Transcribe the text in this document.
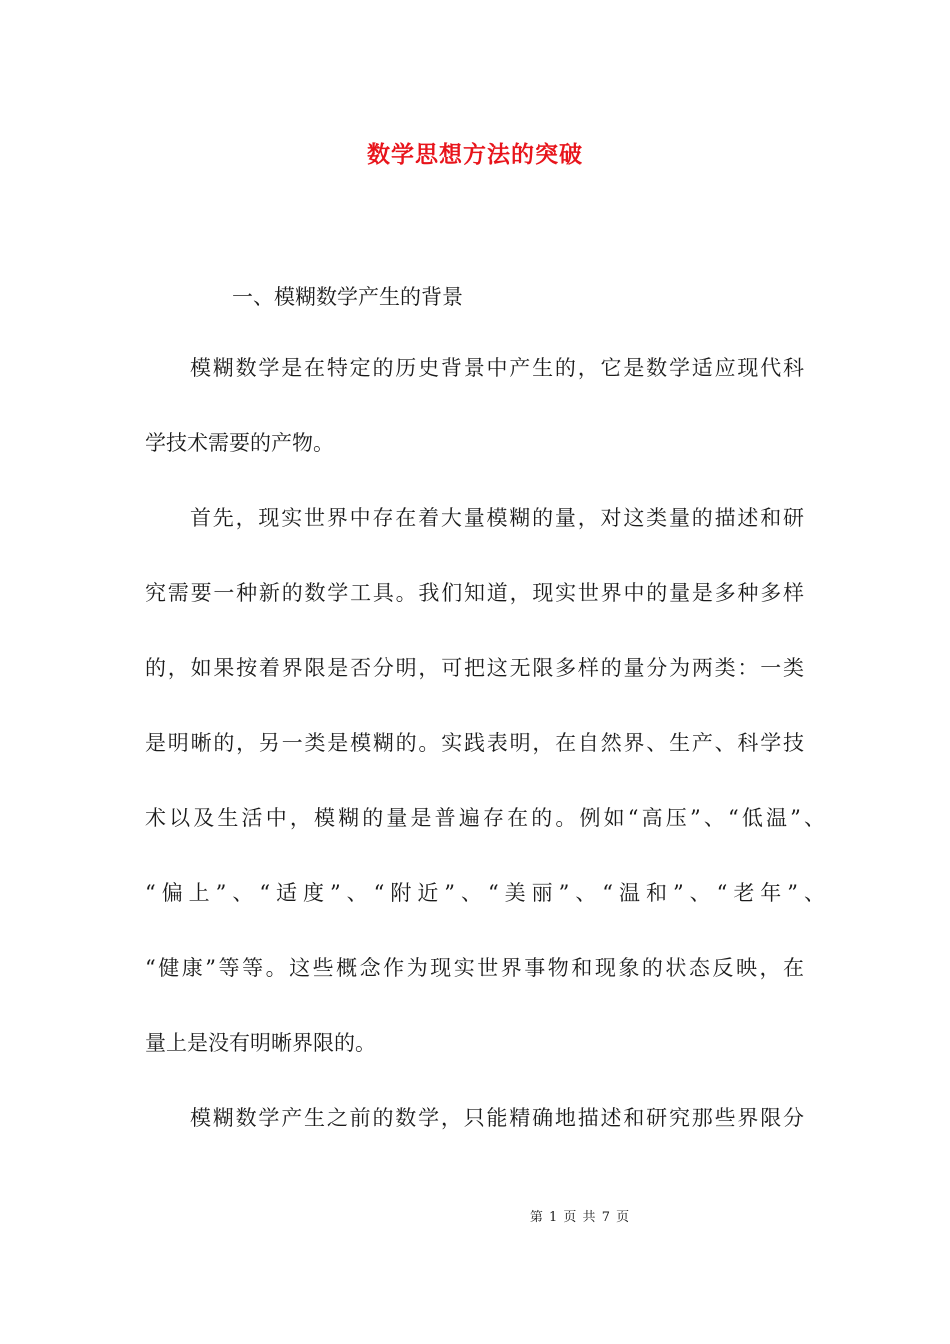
数学思想方法的突破
一、模糊数学产生的背景
模糊数学是在特定的历史背景中产生的，它是数学适应现代科
学技术需要的产物。
首先，现实世界中存在着大量模糊的量，对这类量的描述和研
究需要一种新的数学工具。我们知道，现实世界中的量是多种多样
的，如果按着界限是否分明，可把这无限多样的量分为两类：一类
是明晰的，另一类是模糊的。实践表明，在自然界、生产、科学技
术以及生活中，模糊的量是普遍存在的。例如“高压”、“低温”、
“偏上”、“适度”、“附近”、“美丽”、“温和”、“老年”、
“健康”等等。这些概念作为现实世界事物和现象的状态反映，在
量上是没有明晰界限的。
模糊数学产生之前的数学，只能精确地描述和研究那些界限分
第 1 页 共 7 页
